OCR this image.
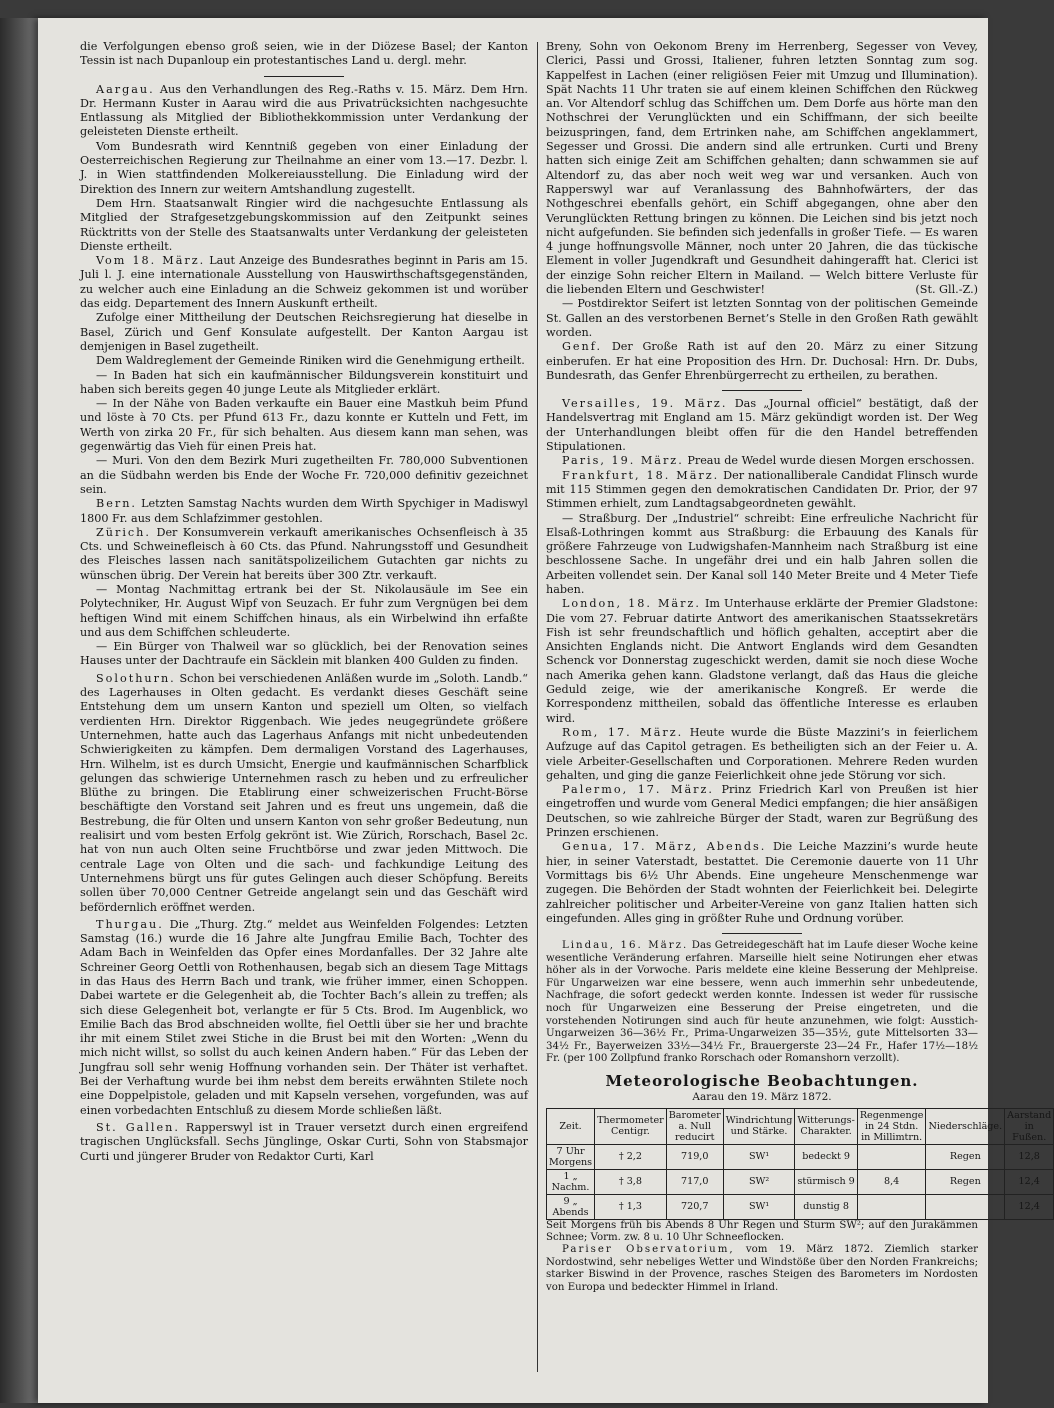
die Verfolgungen ebenso groß seien, wie in der Diözese Basel; der Kanton Tessin ist nach Dupanloup ein protestantisches Land u. dergl. mehr.

Aargau. Aus den Verhandlungen des Reg.-Raths v. 15. März. Dem Hrn. Dr. Hermann Kuster in Aarau wird die aus Privatrücksichten nachgesuchte Entlassung als Mitglied der Bibliothekkommission unter Verdankung der geleisteten Dienste ertheilt.

Vom Bundesrath wird Kenntniß gegeben von einer Einladung der Oesterreichischen Regierung zur Theilnahme an einer vom 13.—17. Dezbr. l. J. in Wien stattfindenden Molkereiausstellung. Die Einladung wird der Direktion des Innern zur weitern Amtshandlung zugestellt.

Dem Hrn. Staatsanwalt Ringier wird die nachgesuchte Entlassung als Mitglied der Strafgesetzgebungskommission auf den Zeitpunkt seines Rücktritts von der Stelle des Staatsanwalts unter Verdankung der geleisteten Dienste ertheilt.

Vom 18. März. Laut Anzeige des Bundesrathes beginnt in Paris am 15. Juli l. J. eine internationale Ausstellung von Hauswirthschaftsgegenständen, zu welcher auch eine Einladung an die Schweiz gekommen ist und worüber das eidg. Departement des Innern Auskunft ertheilt.

Zufolge einer Mittheilung der Deutschen Reichsregierung hat dieselbe in Basel, Zürich und Genf Konsulate aufgestellt. Der Kanton Aargau ist demjenigen in Basel zugetheilt.

Dem Waldreglement der Gemeinde Riniken wird die Genehmigung ertheilt.

— In Baden hat sich ein kaufmännischer Bildungsverein konstituirt und haben sich bereits gegen 40 junge Leute als Mitglieder erklärt.

— In der Nähe von Baden verkaufte ein Bauer eine Mastkuh beim Pfund und löste à 70 Cts. per Pfund 613 Fr., dazu konnte er Kutteln und Fett, im Werth von zirka 20 Fr., für sich behalten. Aus diesem kann man sehen, was gegenwärtig das Vieh für einen Preis hat.

— Muri. Von den dem Bezirk Muri zugetheilten Fr. 780,000 Subventionen an die Südbahn werden bis Ende der Woche Fr. 720,000 definitiv gezeichnet sein.

Bern. Letzten Samstag Nachts wurden dem Wirth Spychiger in Madiswyl 1800 Fr. aus dem Schlafzimmer gestohlen.

Zürich. Der Konsumverein verkauft amerikanisches Ochsenfleisch à 35 Cts. und Schweinefleisch à 60 Cts. das Pfund. Nahrungsstoff und Gesundheit des Fleisches lassen nach sanitätspolizeilichem Gutachten gar nichts zu wünschen übrig. Der Verein hat bereits über 300 Ztr. verkauft.

— Montag Nachmittag ertrank bei der St. Nikolausäule im See ein Polytechniker, Hr. August Wipf von Seuzach. Er fuhr zum Vergnügen bei dem heftigen Wind mit einem Schiffchen hinaus, als ein Wirbelwind ihn erfaßte und aus dem Schiffchen schleuderte.

— Ein Bürger von Thalweil war so glücklich, bei der Renovation seines Hauses unter der Dachtraufe ein Säcklein mit blanken 400 Gulden zu finden.

Solothurn. Schon bei verschiedenen Anläßen wurde im „Soloth. Landb.“ des Lagerhauses in Olten gedacht. Es verdankt dieses Geschäft seine Entstehung dem um unsern Kanton und speziell um Olten, so vielfach verdienten Hrn. Direktor Riggenbach. Wie jedes neugegründete größere Unternehmen, hatte auch das Lagerhaus Anfangs mit nicht unbedeutenden Schwierigkeiten zu kämpfen. Dem dermaligen Vorstand des Lagerhauses, Hrn. Wilhelm, ist es durch Umsicht, Energie und kaufmännischen Scharfblick gelungen das schwierige Unternehmen rasch zu heben und zu erfreulicher Blüthe zu bringen. Die Etablirung einer schweizerischen Frucht-Börse beschäftigte den Vorstand seit Jahren und es freut uns ungemein, daß die Bestrebung, die für Olten und unsern Kanton von sehr großer Bedeutung, nun realisirt und vom besten Erfolg gekrönt ist. Wie Zürich, Rorschach, Basel 2c. hat von nun auch Olten seine Fruchtbörse und zwar jeden Mittwoch. Die centrale Lage von Olten und die sach- und fachkundige Leitung des Unternehmens bürgt uns für gutes Gelingen auch dieser Schöpfung. Bereits sollen über 70,000 Centner Getreide angelangt sein und das Geschäft wird befördernlich eröffnet werden.

Thurgau. Die „Thurg. Ztg.“ meldet aus Weinfelden Folgendes: Letzten Samstag (16.) wurde die 16 Jahre alte Jungfrau Emilie Bach, Tochter des Adam Bach in Weinfelden das Opfer eines Mordanfalles. Der 32 Jahre alte Schreiner Georg Oettli von Rothenhausen, begab sich an diesem Tage Mittags in das Haus des Herrn Bach und trank, wie früher immer, einen Schoppen. Dabei wartete er die Gelegenheit ab, die Tochter Bach’s allein zu treffen; als sich diese Gelegenheit bot, verlangte er für 5 Cts. Brod. Im Augenblick, wo Emilie Bach das Brod abschneiden wollte, fiel Oettli über sie her und brachte ihr mit einem Stilet zwei Stiche in die Brust bei mit den Worten: „Wenn du mich nicht willst, so sollst du auch keinen Andern haben.“ Für das Leben der Jungfrau soll sehr wenig Hoffnung vorhanden sein. Der Thäter ist verhaftet. Bei der Verhaftung wurde bei ihm nebst dem bereits erwähnten Stilete noch eine Doppelpistole, geladen und mit Kapseln versehen, vorgefunden, was auf einen vorbedachten Entschluß zu diesem Morde schließen läßt.

St. Gallen. Rapperswyl ist in Trauer versetzt durch einen ergreifend tragischen Unglücksfall. Sechs Jünglinge, Oskar Curti, Sohn von Stabsmajor Curti und jüngerer Bruder von Redaktor Curti, Karl

Breny, Sohn von Oekonom Breny im Herrenberg, Segesser von Vevey, Clerici, Passi und Grossi, Italiener, fuhren letzten Sonntag zum sog. Kappelfest in Lachen (einer religiösen Feier mit Umzug und Illumination). Spät Nachts 11 Uhr traten sie auf einem kleinen Schiffchen den Rückweg an. Vor Altendorf schlug das Schiffchen um. Dem Dorfe aus hörte man den Nothschrei der Verunglückten und ein Schiffmann, der sich beeilte beizuspringen, fand, dem Ertrinken nahe, am Schiffchen angeklammert, Segesser und Grossi. Die andern sind alle ertrunken. Curti und Breny hatten sich einige Zeit am Schiffchen gehalten; dann schwammen sie auf Altendorf zu, das aber noch weit weg war und versanken. Auch von Rapperswyl war auf Veranlassung des Bahnhofwärters, der das Nothgeschrei ebenfalls gehört, ein Schiff abgegangen, ohne aber den Verunglückten Rettung bringen zu können. Die Leichen sind bis jetzt noch nicht aufgefunden. Sie befinden sich jedenfalls in großer Tiefe. — Es waren 4 junge hoffnungsvolle Männer, noch unter 20 Jahren, die das tückische Element in voller Jugendkraft und Gesundheit dahingerafft hat. Clerici ist der einzige Sohn reicher Eltern in Mailand. — Welch bittere Verluste für die liebenden Eltern und Geschwister!	(St. Gll.-Z.)

— Postdirektor Seifert ist letzten Sonntag von der politischen Gemeinde St. Gallen an des verstorbenen Bernet’s Stelle in den Großen Rath gewählt worden.

Genf. Der Große Rath ist auf den 20. März zu einer Sitzung einberufen. Er hat eine Proposition des Hrn. Dr. Duchosal: Hrn. Dr. Dubs, Bundesrath, das Genfer Ehrenbürgerrecht zu ertheilen, zu berathen.

Versailles, 19. März. Das „Journal officiel“ bestätigt, daß der Handelsvertrag mit England am 15. März gekündigt worden ist. Der Weg der Unterhandlungen bleibt offen für die den Handel betreffenden Stipulationen.

Paris, 19. März. Preau de Wedel wurde diesen Morgen erschossen.

Frankfurt, 18. März. Der nationalliberale Candidat Flinsch wurde mit 115 Stimmen gegen den demokratischen Candidaten Dr. Prior, der 97 Stimmen erhielt, zum Landtagsabgeordneten gewählt.

— Straßburg. Der „Industriel“ schreibt: Eine erfreuliche Nachricht für Elsaß-Lothringen kommt aus Straßburg: die Erbauung des Kanals für größere Fahrzeuge von Ludwigshafen-Mannheim nach Straßburg ist eine beschlossene Sache. In ungefähr drei und ein halb Jahren sollen die Arbeiten vollendet sein. Der Kanal soll 140 Meter Breite und 4 Meter Tiefe haben.

London, 18. März. Im Unterhause erklärte der Premier Gladstone: Die vom 27. Februar datirte Antwort des amerikanischen Staatssekretärs Fish ist sehr freundschaftlich und höflich gehalten, acceptirt aber die Ansichten Englands nicht. Die Antwort Englands wird dem Gesandten Schenck vor Donnerstag zugeschickt werden, damit sie noch diese Woche nach Amerika gehen kann. Gladstone verlangt, daß das Haus die gleiche Geduld zeige, wie der amerikanische Kongreß. Er werde die Korrespondenz mittheilen, sobald das öffentliche Interesse es erlauben wird.

Rom, 17. März. Heute wurde die Büste Mazzini’s in feierlichem Aufzuge auf das Capitol getragen. Es betheiligten sich an der Feier u. A. viele Arbeiter-Gesellschaften und Corporationen. Mehrere Reden wurden gehalten, und ging die ganze Feierlichkeit ohne jede Störung vor sich.

Palermo, 17. März. Prinz Friedrich Karl von Preußen ist hier eingetroffen und wurde vom General Medici empfangen; die hier ansäßigen Deutschen, so wie zahlreiche Bürger der Stadt, waren zur Begrüßung des Prinzen erschienen.

Genua, 17. März, Abends. Die Leiche Mazzini’s wurde heute hier, in seiner Vaterstadt, bestattet. Die Ceremonie dauerte von 11 Uhr Vormittags bis 6½ Uhr Abends. Eine ungeheure Menschenmenge war zugegen. Die Behörden der Stadt wohnten der Feierlichkeit bei. Delegirte zahlreicher politischer und Arbeiter-Vereine von ganz Italien hatten sich eingefunden. Alles ging in größter Ruhe und Ordnung vorüber.

Lindau, 16. März. Das Getreidegeschäft hat im Laufe dieser Woche keine wesentliche Veränderung erfahren. Marseille hielt seine Notirungen eher etwas höher als in der Vorwoche. Paris meldete eine kleine Besserung der Mehlpreise. Für Ungarweizen war eine bessere, wenn auch immerhin sehr unbedeutende, Nachfrage, die sofort gedeckt werden konnte. Indessen ist weder für russische noch für Ungarweizen eine Besserung der Preise eingetreten, und die vorstehenden Notirungen sind auch für heute anzunehmen, wie folgt: Ausstich-Ungarweizen 36—36½ Fr., Prima-Ungarweizen 35—35½, gute Mittelsorten 33—34½ Fr., Bayerweizen 33½—34½ Fr., Brauergerste 23—24 Fr., Hafer 17½—18½ Fr. (per 100 Zollpfund franko Rorschach oder Romanshorn verzollt).

Meteorologische Beobachtungen.
Aarau den 19. März 1872.
Zeit.	Thermometer Centigr.	Barometer a. Null reducirt	Windrichtung und Stärke.	Witterungs-Charakter.	Regenmenge in 24 Stdn. in Millimtrn.	Niederschläge.	Aarstand in Fußen.
7 Uhr Morgens	† 2,2	719,0	SW¹	bedeckt 9		Regen	12,8
1 „ Nachm.	† 3,8	717,0	SW²	stürmisch 9	8,4	Regen	12,4
9 „ Abends	† 1,3	720,7	SW¹	dunstig 8			12,4

Seit Morgens früh bis Abends 8 Uhr Regen und Sturm SW²; auf den Jurakämmen Schnee; Vorm. zw. 8 u. 10 Uhr Schneeflocken.

Pariser Observatorium, vom 19. März 1872. Ziemlich starker Nordostwind, sehr nebeliges Wetter und Windstöße über den Norden Frankreichs; starker Biswind in der Provence, rasches Steigen des Barometers im Nordosten von Europa und bedeckter Himmel in Irland.
